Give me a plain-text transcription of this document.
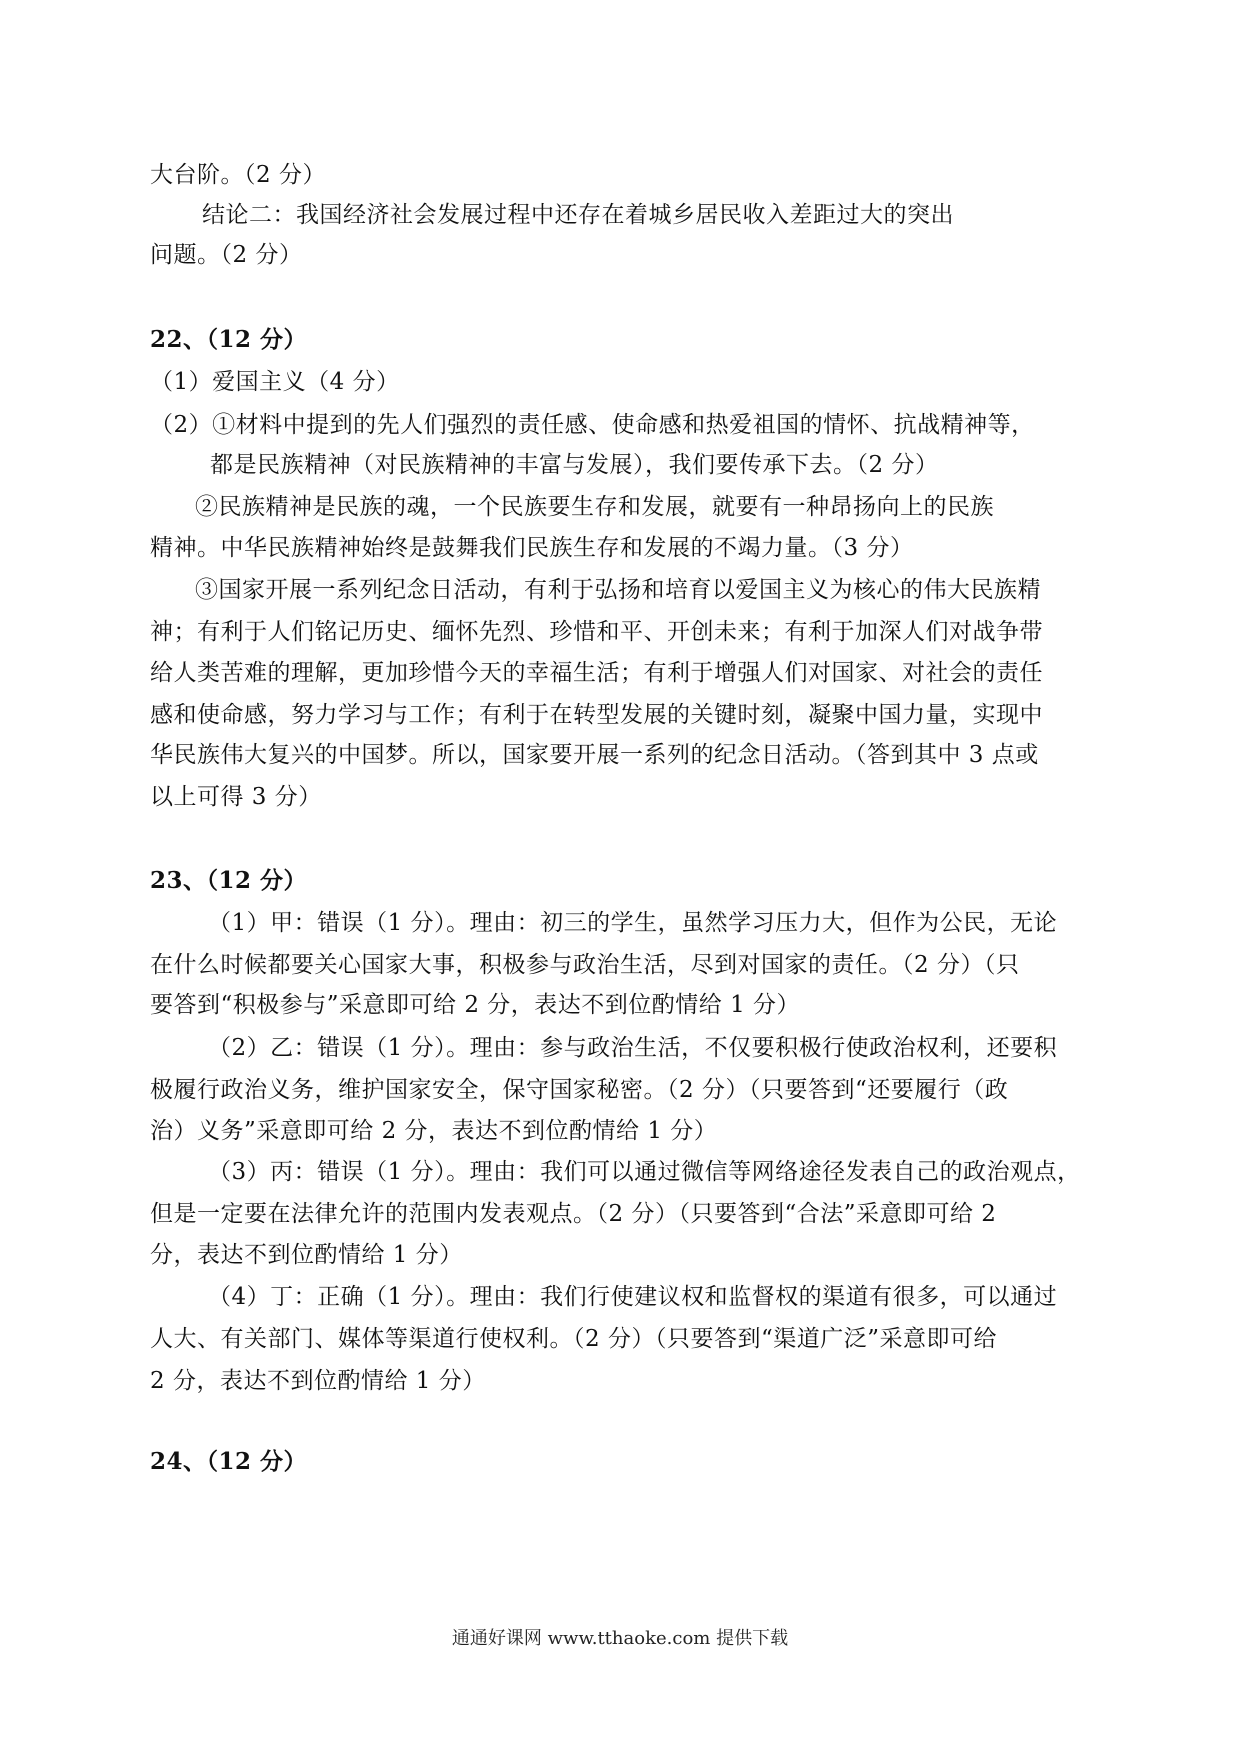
大台阶。（2 分）
结论二：我国经济社会发展过程中还存在着城乡居民收入差距过大的突出
问题。（2 分）
22、（12 分）
（1）爱国主义（4 分）
（2）①材料中提到的先人们强烈的责任感、使命感和热爱祖国的情怀、抗战精神等，
都是民族精神（对民族精神的丰富与发展），我们要传承下去。（2 分）
②民族精神是民族的魂，一个民族要生存和发展，就要有一种昂扬向上的民族
精神。中华民族精神始终是鼓舞我们民族生存和发展的不竭力量。（3 分）
③国家开展一系列纪念日活动，有利于弘扬和培育以爱国主义为核心的伟大民族精
神；有利于人们铭记历史、缅怀先烈、珍惜和平、开创未来；有利于加深人们对战争带
给人类苦难的理解，更加珍惜今天的幸福生活；有利于增强人们对国家、对社会的责任
感和使命感，努力学习与工作；有利于在转型发展的关键时刻，凝聚中国力量，实现中
华民族伟大复兴的中国梦。所以，国家要开展一系列的纪念日活动。（答到其中 3 点或
以上可得 3 分）
23、（12 分）
（1）甲：错误（1 分）。理由：初三的学生，虽然学习压力大，但作为公民，无论
在什么时候都要关心国家大事，积极参与政治生活，尽到对国家的责任。（2 分）（只
要答到“积极参与”采意即可给 2 分，表达不到位酌情给 1 分）
（2）乙：错误（1 分）。理由：参与政治生活，不仅要积极行使政治权利，还要积
极履行政治义务，维护国家安全，保守国家秘密。（2 分）（只要答到“还要履行（政
治）义务”采意即可给 2 分，表达不到位酌情给 1 分）
（3）丙：错误（1 分）。理由：我们可以通过微信等网络途径发表自己的政治观点，
但是一定要在法律允许的范围内发表观点。（2 分）（只要答到“合法”采意即可给 2
分，表达不到位酌情给 1 分）
（4）丁：正确（1 分）。理由：我们行使建议权和监督权的渠道有很多，可以通过
人大、有关部门、媒体等渠道行使权利。（2 分）（只要答到“渠道广泛”采意即可给
2 分，表达不到位酌情给 1 分）
24、（12 分）
通通好课网 www.tthaoke.com 提供下载
